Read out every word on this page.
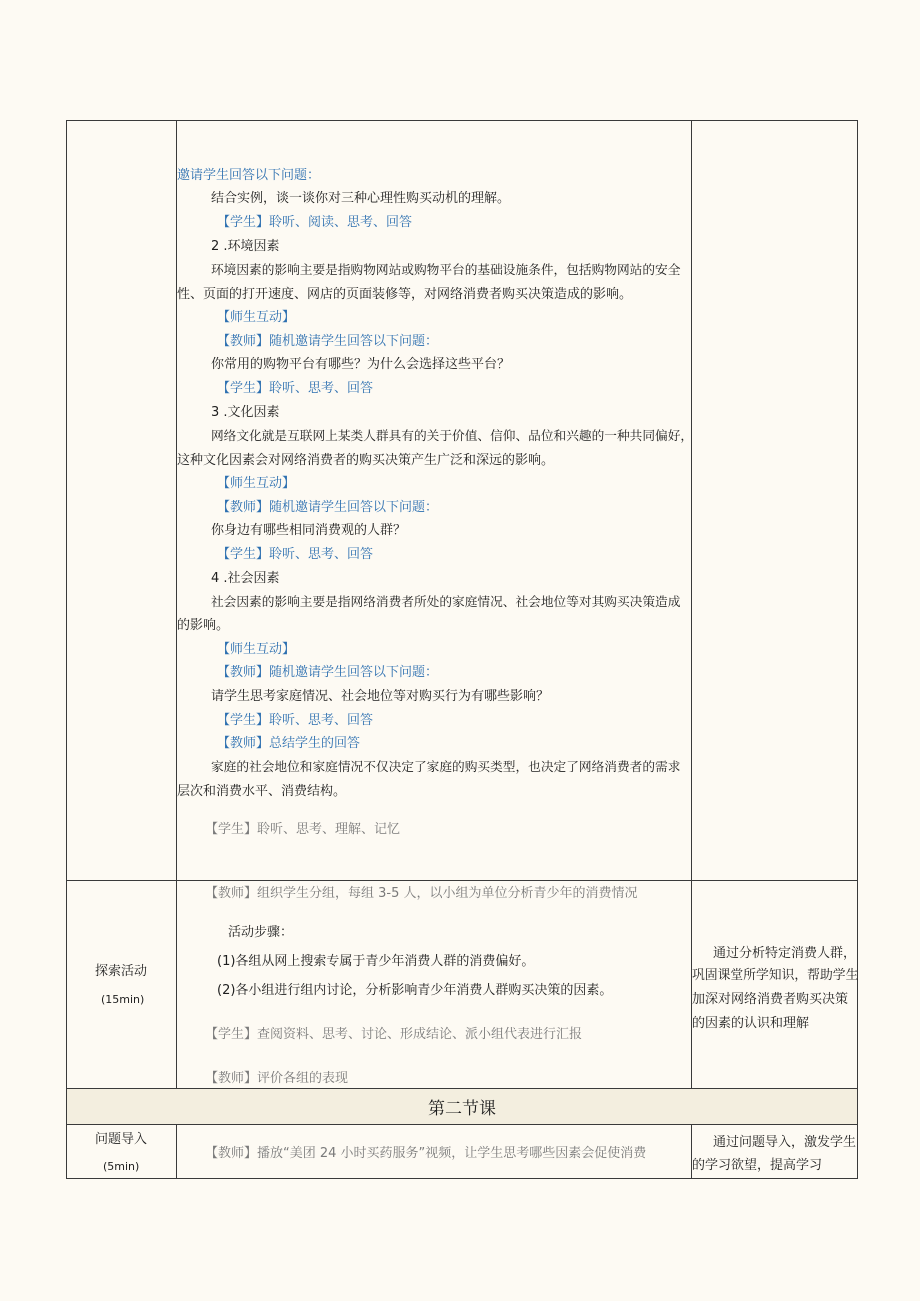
邀请学生回答以下问题：
结合实例，谈一谈你对三种心理性购买动机的理解。
【学生】聆听、阅读、思考、回答
2 .环境因素
环境因素的影响主要是指购物网站或购物平台的基础设施条件，包括购物网站的安全
性、页面的打开速度、网店的页面装修等，对网络消费者购买决策造成的影响。
【师生互动】
【教师】随机邀请学生回答以下问题：
你常用的购物平台有哪些？为什么会选择这些平台？
【学生】聆听、思考、回答
3 .文化因素
网络文化就是互联网上某类人群具有的关于价值、信仰、品位和兴趣的一种共同偏好，
这种文化因素会对网络消费者的购买决策产生广泛和深远的影响。
【师生互动】
【教师】随机邀请学生回答以下问题：
你身边有哪些相同消费观的人群？
【学生】聆听、思考、回答
4 .社会因素
社会因素的影响主要是指网络消费者所处的家庭情况、社会地位等对其购买决策造成
的影响。
【师生互动】
【教师】随机邀请学生回答以下问题：
请学生思考家庭情况、社会地位等对购买行为有哪些影响？
【学生】聆听、思考、回答
【教师】总结学生的回答
家庭的社会地位和家庭情况不仅决定了家庭的购买类型，也决定了网络消费者的需求
层次和消费水平、消费结构。
【学生】聆听、思考、理解、记忆
探索活动
(15min)
【教师】组织学生分组，每组 3-5 人，以小组为单位分析青少年的消费情况
活动步骤：
(1)各组从网上搜索专属于青少年消费人群的消费偏好。
(2)各小组进行组内讨论，分析影响青少年消费人群购买决策的因素。
【学生】查阅资料、思考、讨论、形成结论、派小组代表进行汇报
【教师】评价各组的表现
通过分析特定消费人群，
巩固课堂所学知识，帮助学生
加深对网络消费者购买决策
的因素的认识和理解
第二节课
问题导入
(5min)
【教师】播放“美团 24 小时买药服务”视频，让学生思考哪些因素会促使消费
通过问题导入，激发学生
的学习欲望，提高学习
